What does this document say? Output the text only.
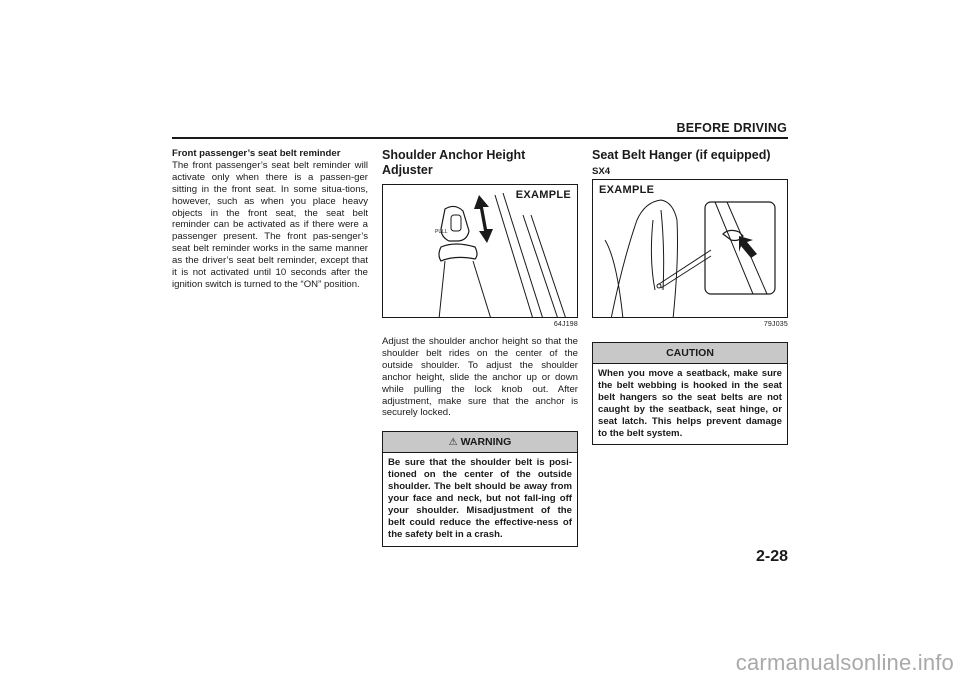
BEFORE DRIVING

Front passenger’s seat belt reminder
The front passenger’s seat belt reminder will activate only when there is a passen-ger sitting in the front seat. In some situa-tions, however, such as when you place heavy objects in the front seat, the seat belt reminder can be activated as if there were a passenger present. The front pas-senger’s seat belt reminder works in the same manner as the driver’s seat belt reminder, except that it is not activated until 10 seconds after the ignition switch is turned to the “ON” position.

Shoulder Anchor Height Adjuster
EXAMPLE
PULL
64J198

Adjust the shoulder anchor height so that the shoulder belt rides on the center of the outside shoulder. To adjust the shoulder anchor height, slide the anchor up or down while pulling the lock knob out. After adjustment, make sure that the anchor is securely locked.

⚠ WARNING
Be sure that the shoulder belt is posi-tioned on the center of the outside shoulder. The belt should be away from your face and neck, but not fall-ing off your shoulder. Misadjustment of the belt could reduce the effective-ness of the safety belt in a crash.
Seat Belt Hanger (if equipped)
SX4
EXAMPLE
79J035
CAUTION
When you move a seatback, make sure the belt webbing is hooked in the seat belt hangers so the seat belts are not caught by the seatback, seat hinge, or seat latch. This helps prevent damage to the belt system.
2-28
carmanualsonline.info
